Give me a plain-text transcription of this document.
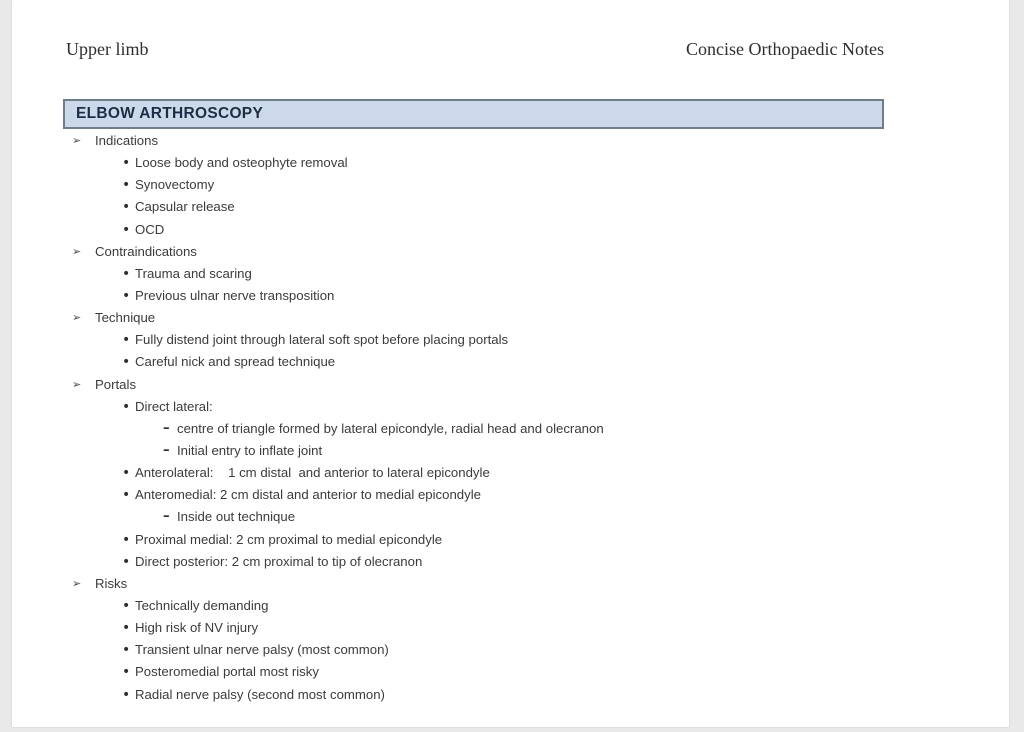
Upper limb	Concise Orthopaedic Notes
ELBOW ARTHROSCOPY
➢ Indications
• Loose body and osteophyte removal
• Synovectomy
• Capsular release
• OCD
➢ Contraindications
• Trauma and scaring
• Previous ulnar nerve transposition
➢ Technique
• Fully distend joint through lateral soft spot before placing portals
• Careful nick and spread technique
➢ Portals
• Direct lateral:
– centre of triangle formed by lateral epicondyle, radial head and olecranon
– Initial entry to inflate joint
• Anterolateral:    1 cm distal  and anterior to lateral epicondyle
• Anteromedial: 2 cm distal and anterior to medial epicondyle
– Inside out technique
• Proximal medial: 2 cm proximal to medial epicondyle
• Direct posterior: 2 cm proximal to tip of olecranon
➢ Risks
• Technically demanding
• High risk of NV injury
• Transient ulnar nerve palsy (most common)
• Posteromedial portal most risky
• Radial nerve palsy (second most common)
